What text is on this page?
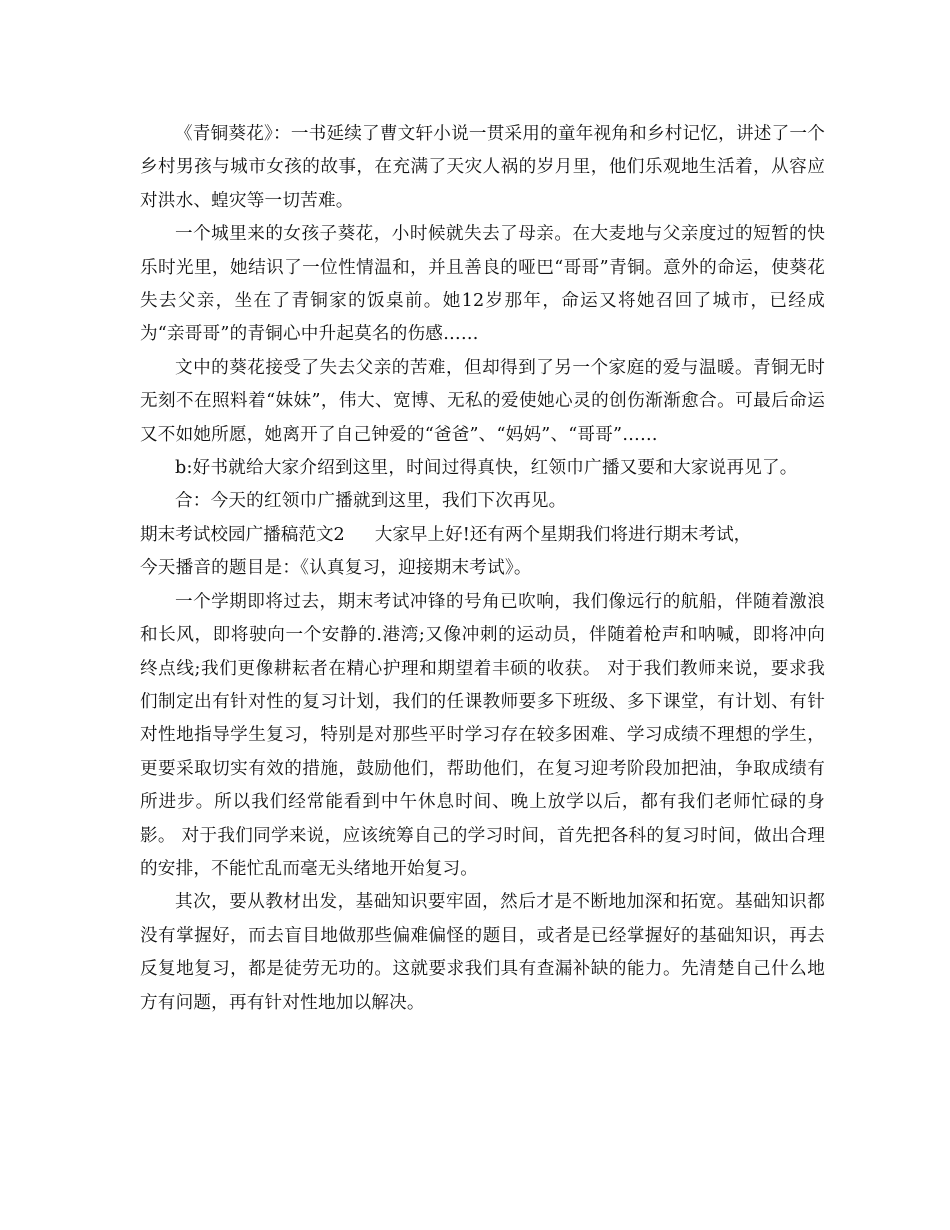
《青铜葵花》：一书延续了曹文轩小说一贯采用的童年视角和乡村记忆，讲述了一个乡村男孩与城市女孩的故事，在充满了天灾人祸的岁月里，他们乐观地生活着，从容应对洪水、蝗灾等一切苦难。

一个城里来的女孩子葵花，小时候就失去了母亲。在大麦地与父亲度过的短暂的快乐时光里，她结识了一位性情温和，并且善良的哑巴“哥哥”青铜。意外的命运，使葵花失去父亲，坐在了青铜家的饭桌前。她12岁那年，命运又将她召回了城市，已经成为“亲哥哥”的青铜心中升起莫名的伤感……

文中的葵花接受了失去父亲的苦难，但却得到了另一个家庭的爱与温暖。青铜无时无刻不在照料着“妹妹”，伟大、宽博、无私的爱使她心灵的创伤渐渐愈合。可最后命运又不如她所愿，她离开了自己钟爱的“爸爸”、“妈妈”、“哥哥”……

b:好书就给大家介绍到这里，时间过得真快，红领巾广播又要和大家说再见了。

合：今天的红领巾广播就到这里，我们下次再见。

期末考试校园广播稿范文2 大家早上好!还有两个星期我们将进行期末考试，

今天播音的题目是：《认真复习，迎接期末考试》。

一个学期即将过去，期末考试冲锋的号角已吹响，我们像远行的航船，伴随着激浪和长风，即将驶向一个安静的.港湾;又像冲刺的运动员，伴随着枪声和呐喊，即将冲向终点线;我们更像耕耘者在精心护理和期望着丰硕的收获。 对于我们教师来说，要求我们制定出有针对性的复习计划，我们的任课教师要多下班级、多下课堂，有计划、有针对性地指导学生复习，特别是对那些平时学习存在较多困难、学习成绩不理想的学生，更要采取切实有效的措施，鼓励他们，帮助他们，在复习迎考阶段加把油，争取成绩有所进步。所以我们经常能看到中午休息时间、晚上放学以后，都有我们老师忙碌的身影。 对于我们同学来说，应该统筹自己的学习时间，首先把各科的复习时间，做出合理的安排，不能忙乱而毫无头绪地开始复习。

其次，要从教材出发，基础知识要牢固，然后才是不断地加深和拓宽。基础知识都没有掌握好，而去盲目地做那些偏难偏怪的题目，或者是已经掌握好的基础知识，再去反复地复习，都是徒劳无功的。这就要求我们具有查漏补缺的能力。先清楚自己什么地方有问题，再有针对性地加以解决。
